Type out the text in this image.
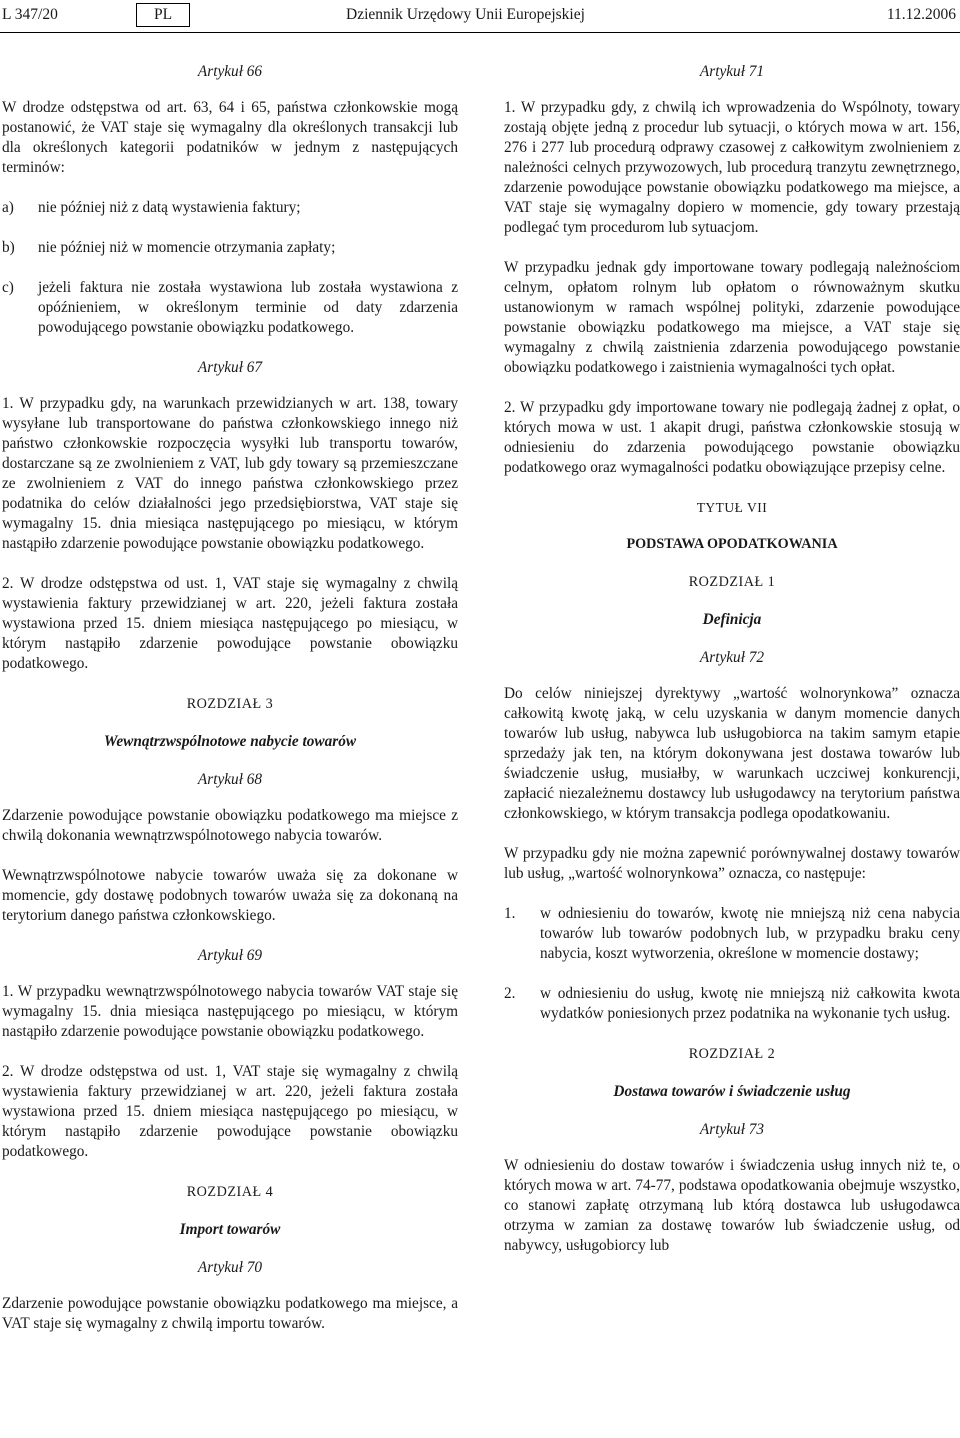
L 347/20	PL	Dziennik Urzędowy Unii Europejskiej	11.12.2006
Artykuł 66

W drodze odstępstwa od art. 63, 64 i 65, państwa członkowskie mogą postanowić, że VAT staje się wymagalny dla określonych transakcji lub dla określonych kategorii podatników w jednym z następujących terminów:

a)	nie później niż z datą wystawienia faktury;
b)	nie później niż w momencie otrzymania zapłaty;
c)	jeżeli faktura nie została wystawiona lub została wystawiona z opóźnieniem, w określonym terminie od daty zdarzenia powodującego powstanie obowiązku podatkowego.
Artykuł 67

1. W przypadku gdy, na warunkach przewidzianych w art. 138, towary wysyłane lub transportowane do państwa członkowskiego innego niż państwo członkowskie rozpoczęcia wysyłki lub transportu towarów, dostarczane są ze zwolnieniem z VAT, lub gdy towary są przemieszczane ze zwolnieniem z VAT do innego państwa członkowskiego przez podatnika do celów działalności jego przedsiębiorstwa, VAT staje się wymagalny 15. dnia miesiąca następującego po miesiącu, w którym nastąpiło zdarzenie powodujące powstanie obowiązku podatkowego.

2. W drodze odstępstwa od ust. 1, VAT staje się wymagalny z chwilą wystawienia faktury przewidzianej w art. 220, jeżeli faktura została wystawiona przed 15. dniem miesiąca następującego po miesiącu, w którym nastąpiło zdarzenie powodujące powstanie obowiązku podatkowego.

ROZDZIAŁ 3
Wewnątrzwspólnotowe nabycie towarów
Artykuł 68

Zdarzenie powodujące powstanie obowiązku podatkowego ma miejsce z chwilą dokonania wewnątrzwspólnotowego nabycia towarów.

Wewnątrzwspólnotowe nabycie towarów uważa się za dokonane w momencie, gdy dostawę podobnych towarów uważa się za dokonaną na terytorium danego państwa członkowskiego.

Artykuł 69

1. W przypadku wewnątrzwspólnotowego nabycia towarów VAT staje się wymagalny 15. dnia miesiąca następującego po miesiącu, w którym nastąpiło zdarzenie powodujące powstanie obowiązku podatkowego.

2. W drodze odstępstwa od ust. 1, VAT staje się wymagalny z chwilą wystawienia faktury przewidzianej w art. 220, jeżeli faktura została wystawiona przed 15. dniem miesiąca następującego po miesiącu, w którym nastąpiło zdarzenie powodujące powstanie obowiązku podatkowego.

ROZDZIAŁ 4
Import towarów
Artykuł 70

Zdarzenie powodujące powstanie obowiązku podatkowego ma miejsce, a VAT staje się wymagalny z chwilą importu towarów.

Artykuł 71

1. W przypadku gdy, z chwilą ich wprowadzenia do Wspólnoty, towary zostają objęte jedną z procedur lub sytuacji, o których mowa w art. 156, 276 i 277 lub procedurą odprawy czasowej z całkowitym zwolnieniem z należności celnych przywozowych, lub procedurą tranzytu zewnętrznego, zdarzenie powodujące powstanie obowiązku podatkowego ma miejsce, a VAT staje się wymagalny dopiero w momencie, gdy towary przestają podlegać tym procedurom lub sytuacjom.

W przypadku jednak gdy importowane towary podlegają należnościom celnym, opłatom rolnym lub opłatom o równoważnym skutku ustanowionym w ramach wspólnej polityki, zdarzenie powodujące powstanie obowiązku podatkowego ma miejsce, a VAT staje się wymagalny z chwilą zaistnienia zdarzenia powodującego powstanie obowiązku podatkowego i zaistnienia wymagalności tych opłat.

2. W przypadku gdy importowane towary nie podlegają żadnej z opłat, o których mowa w ust. 1 akapit drugi, państwa członkowskie stosują w odniesieniu do zdarzenia powodującego powstanie obowiązku podatkowego oraz wymagalności podatku obowiązujące przepisy celne.

TYTUŁ VII
PODSTAWA OPODATKOWANIA
ROZDZIAŁ 1
Definicja
Artykuł 72

Do celów niniejszej dyrektywy „wartość wolnorynkowa” oznacza całkowitą kwotę jaką, w celu uzyskania w danym momencie danych towarów lub usług, nabywca lub usługobiorca na takim samym etapie sprzedaży jak ten, na którym dokonywana jest dostawa towarów lub świadczenie usług, musiałby, w warunkach uczciwej konkurencji, zapłacić niezależnemu dostawcy lub usługodawcy na terytorium państwa członkowskiego, w którym transakcja podlega opodatkowaniu.

W przypadku gdy nie można zapewnić porównywalnej dostawy towarów lub usług, „wartość wolnorynkowa” oznacza, co następuje:

1.	w odniesieniu do towarów, kwotę nie mniejszą niż cena nabycia towarów lub towarów podobnych lub, w przypadku braku ceny nabycia, koszt wytworzenia, określone w momencie dostawy;
2.	w odniesieniu do usług, kwotę nie mniejszą niż całkowita kwota wydatków poniesionych przez podatnika na wykonanie tych usług.
ROZDZIAŁ 2
Dostawa towarów i świadczenie usług
Artykuł 73

W odniesieniu do dostaw towarów i świadczenia usług innych niż te, o których mowa w art. 74-77, podstawa opodatkowania obejmuje wszystko, co stanowi zapłatę otrzymaną lub którą dostawca lub usługodawca otrzyma w zamian za dostawę towarów lub świadczenie usług, od nabywcy, usługobiorcy lub
